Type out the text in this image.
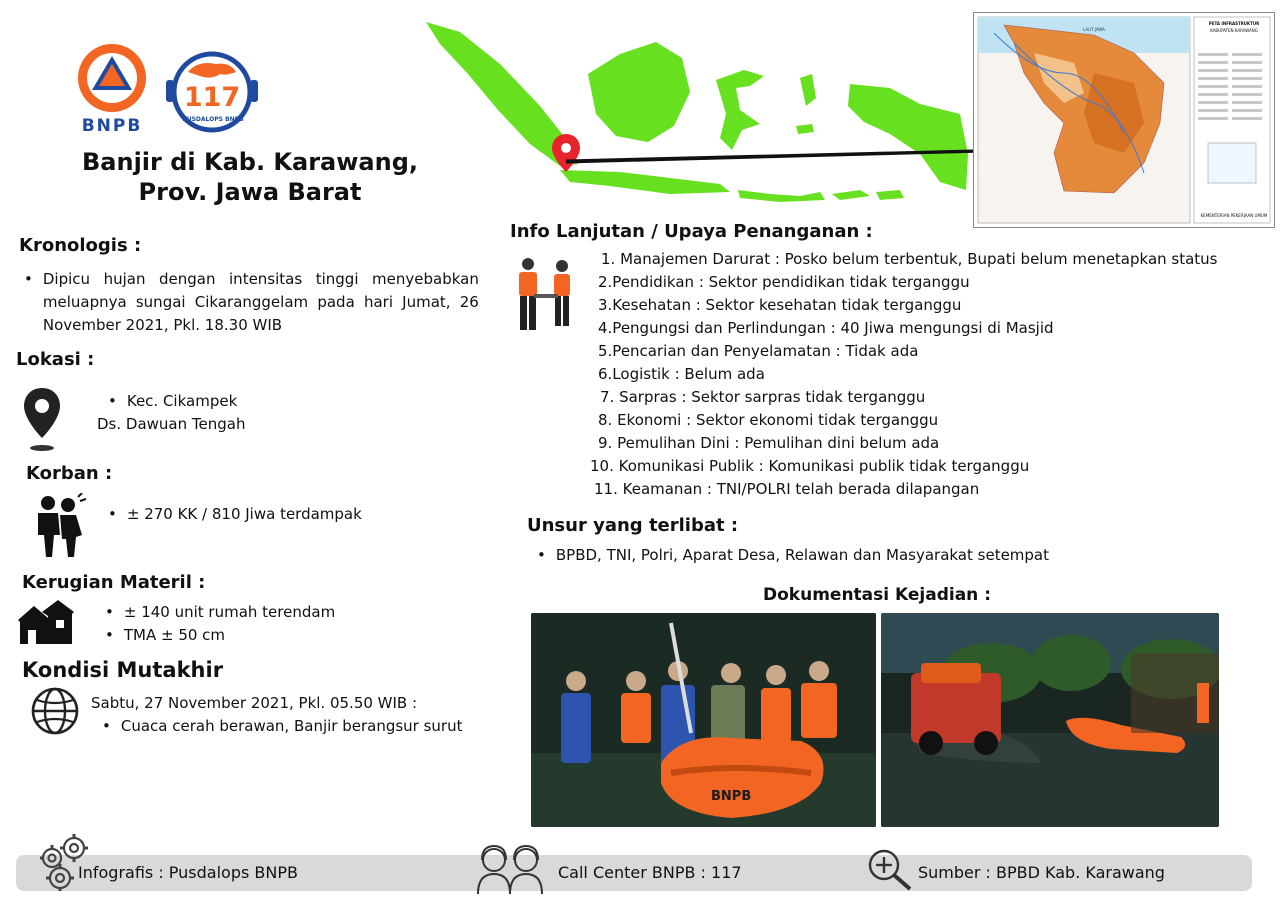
BNPB
117
PUSDALOPS BNPB
Banjir di Kab. Karawang,
Prov. Jawa Barat
PETA INFRASTRUKTUR
KABUPATEN KARAWANG
LAUT JAWA
KEMENTERIAN PEKERJAAN UMUM
Kronologis :
• Dipicu hujan dengan intensitas tinggi menyebabkan meluapnya sungai Cikaranggelam pada hari Jumat, 26 November 2021, Pkl. 18.30 WIB
Lokasi :
• Kec. Cikampek
Ds. Dawuan Tengah
Korban :
• ± 270 KK / 810 Jiwa terdampak
Kerugian Materil :
• ± 140 unit rumah terendam
• TMA ± 50 cm
Kondisi Mutakhir
Sabtu, 27 November 2021, Pkl. 05.50 WIB :
• Cuaca cerah berawan, Banjir berangsur surut
Info Lanjutan / Upaya Penanganan :
1. Manajemen Darurat : Posko belum terbentuk, Bupati belum menetapkan status
2.Pendidikan : Sektor pendidikan tidak terganggu
3.Kesehatan : Sektor kesehatan tidak terganggu
4.Pengungsi dan Perlindungan : 40 Jiwa mengungsi di Masjid
5.Pencarian dan Penyelamatan : Tidak ada
6.Logistik : Belum ada
7. Sarpras : Sektor sarpras tidak terganggu
8. Ekonomi : Sektor ekonomi tidak terganggu
9. Pemulihan Dini : Pemulihan dini belum ada
10. Komunikasi Publik : Komunikasi publik tidak terganggu
11. Keamanan : TNI/POLRI telah berada dilapangan
Unsur yang terlibat :
• BPBD, TNI, Polri, Aparat Desa, Relawan dan Masyarakat setempat
Dokumentasi Kejadian :
BNPB
Infografis : Pusdalops BNPB	Call Center BNPB : 117	Sumber : BPBD Kab. Karawang
